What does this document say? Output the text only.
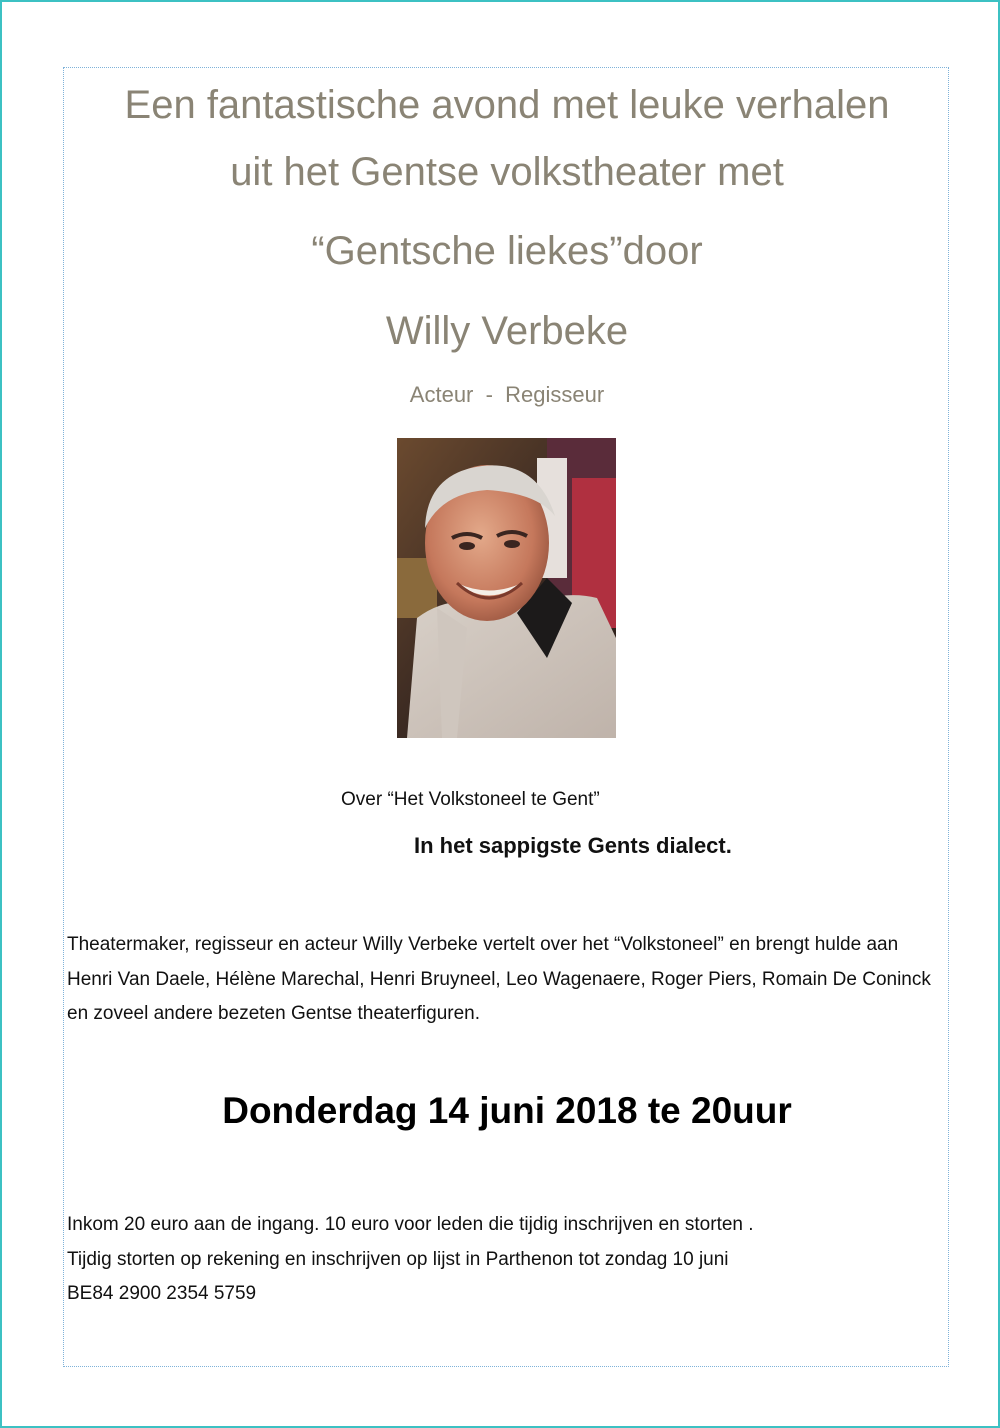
Een fantastische avond met leuke verhalen
uit het Gentse volkstheater met
“Gentsche liekes”door
Willy Verbeke
Acteur  -  Regisseur
Over “Het Volkstoneel te Gent”
In het sappigste Gents dialect.
Theatermaker, regisseur en acteur Willy Verbeke vertelt over het “Volkstoneel” en brengt hulde aan Henri Van Daele, Hélène Marechal, Henri Bruyneel, Leo Wagenaere, Roger Piers, Romain De Coninck en zoveel andere bezeten Gentse theaterfiguren.
Donderdag 14 juni 2018 te 20uur
Inkom 20 euro aan de ingang. 10 euro voor leden die tijdig inschrijven en storten .
Tijdig storten op rekening en inschrijven op lijst in Parthenon tot zondag 10 juni
BE84 2900 2354 5759
